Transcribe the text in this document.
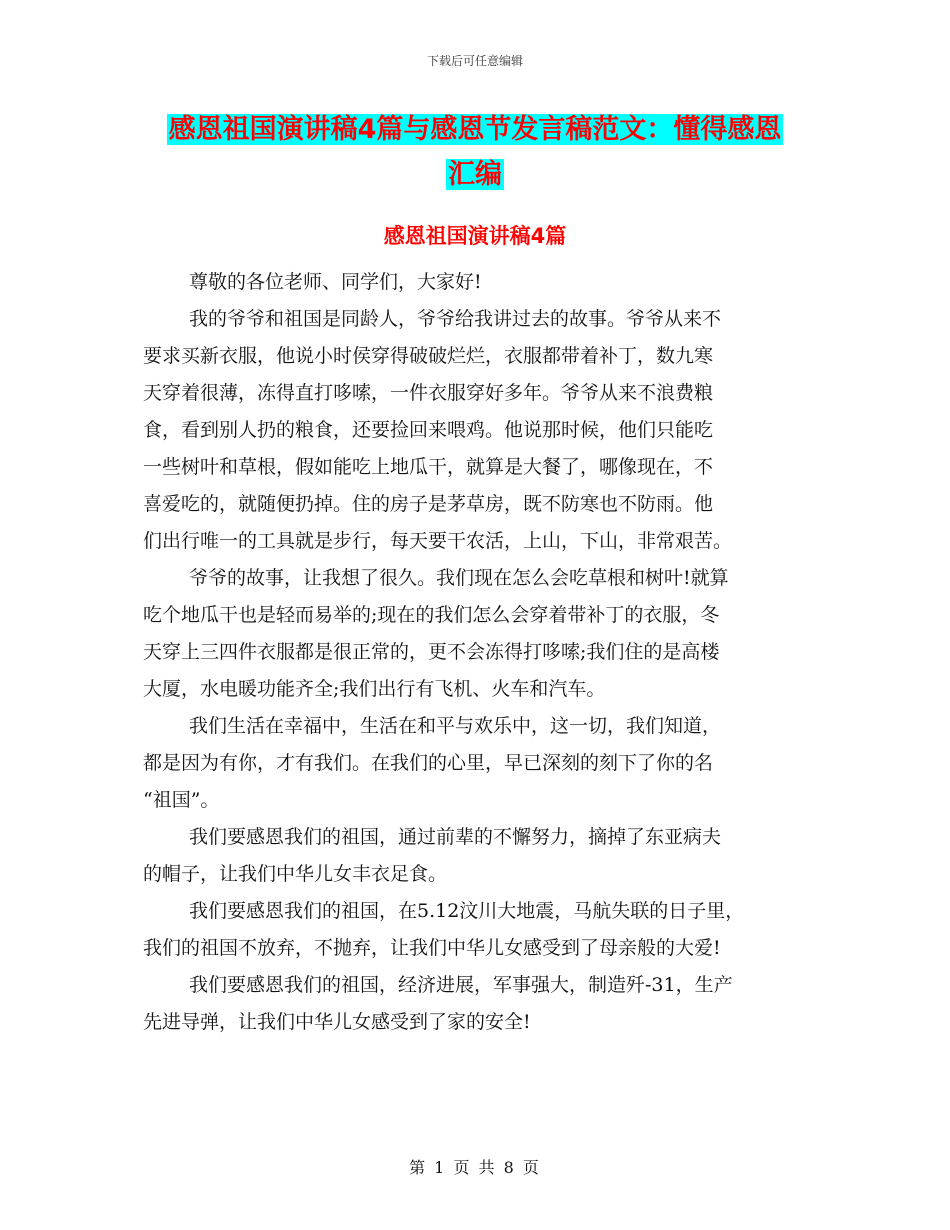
下载后可任意编辑
感恩祖国演讲稿4篇与感恩节发言稿范文：懂得感恩
汇编
感恩祖国演讲稿4篇

尊敬的各位老师、同学们，大家好!

我的爷爷和祖国是同龄人，爷爷给我讲过去的故事。爷爷从来不

要求买新衣服，他说小时侯穿得破破烂烂，衣服都带着补丁，数九寒
天穿着很薄，冻得直打哆嗦，一件衣服穿好多年。爷爷从来不浪费粮
食，看到别人扔的粮食，还要捡回来喂鸡。他说那时候，他们只能吃
一些树叶和草根，假如能吃上地瓜干，就算是大餐了，哪像现在，不
喜爱吃的，就随便扔掉。住的房子是茅草房，既不防寒也不防雨。他
们出行唯一的工具就是步行，每天要干农活，上山，下山，非常艰苦。

爷爷的故事，让我想了很久。我们现在怎么会吃草根和树叶!就算

吃个地瓜干也是轻而易举的;现在的我们怎么会穿着带补丁的衣服，冬
天穿上三四件衣服都是很正常的，更不会冻得打哆嗦;我们住的是高楼
大厦，水电暖功能齐全;我们出行有飞机、火车和汽车。

我们生活在幸福中，生活在和平与欢乐中，这一切，我们知道，

都是因为有你，才有我们。在我们的心里，早已深刻的刻下了你的名
“祖国”。

我们要感恩我们的祖国，通过前辈的不懈努力，摘掉了东亚病夫

的帽子，让我们中华儿女丰衣足食。

我们要感恩我们的祖国，在5.12汶川大地震，马航失联的日子里，

我们的祖国不放弃，不抛弃，让我们中华儿女感受到了母亲般的大爱!

我们要感恩我们的祖国，经济进展，军事强大，制造歼-31，生产

先进导弹，让我们中华儿女感受到了家的安全!

第 1 页 共 8 页
